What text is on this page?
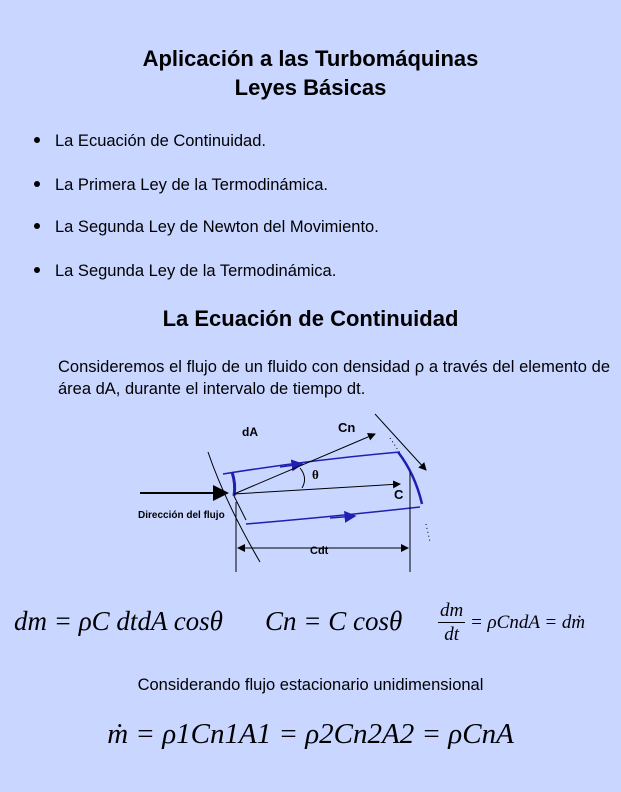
Aplicación a las Turbomáquinas
Leyes Básicas
La Ecuación de Continuidad.
La Primera Ley de la Termodinámica.
La Segunda Ley de Newton del Movimiento.
La Segunda Ley de la Termodinámica.
La Ecuación de Continuidad
Consideremos el flujo de un fluido con densidad ρ a través del elemento de área dA, durante el intervalo de tiempo dt.
dA	Cn
θ
C
Dirección del flujo
Cdt
dm = ρC dtdA cosθ Cn = C cosθ $\frac{dm}{dt}$ = ρCndA = dṁ
Considerando flujo estacionario unidimensional
ṁ = ρ1Cn1A1 = ρ2Cn2A2 = ρCnA
